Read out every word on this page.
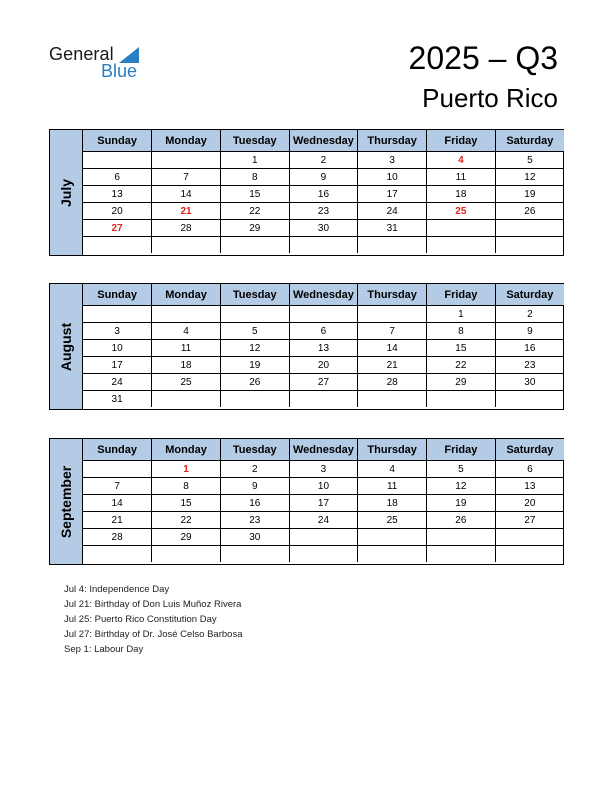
General
Blue	2025 – Q3
Puerto Rico
July
Sunday	Monday	Tuesday	Wednesday	Thursday	Friday	Saturday
		1	2	3	4	5
6	7	8	9	10	11	12
13	14	15	16	17	18	19
20	21	22	23	24	25	26
27	28	29	30	31		

August
Sunday	Monday	Tuesday	Wednesday	Thursday	Friday	Saturday
					1	2
3	4	5	6	7	8	9
10	11	12	13	14	15	16
17	18	19	20	21	22	23
24	25	26	27	28	29	30
31						
September
Sunday	Monday	Tuesday	Wednesday	Thursday	Friday	Saturday
	1	2	3	4	5	6
7	8	9	10	11	12	13
14	15	16	17	18	19	20
21	22	23	24	25	26	27
28	29	30				

Jul 4: Independence Day
Jul 21: Birthday of Don Luis Muñoz Rivera
Jul 25: Puerto Rico Constitution Day
Jul 27: Birthday of Dr. José Celso Barbosa
Sep 1: Labour Day
